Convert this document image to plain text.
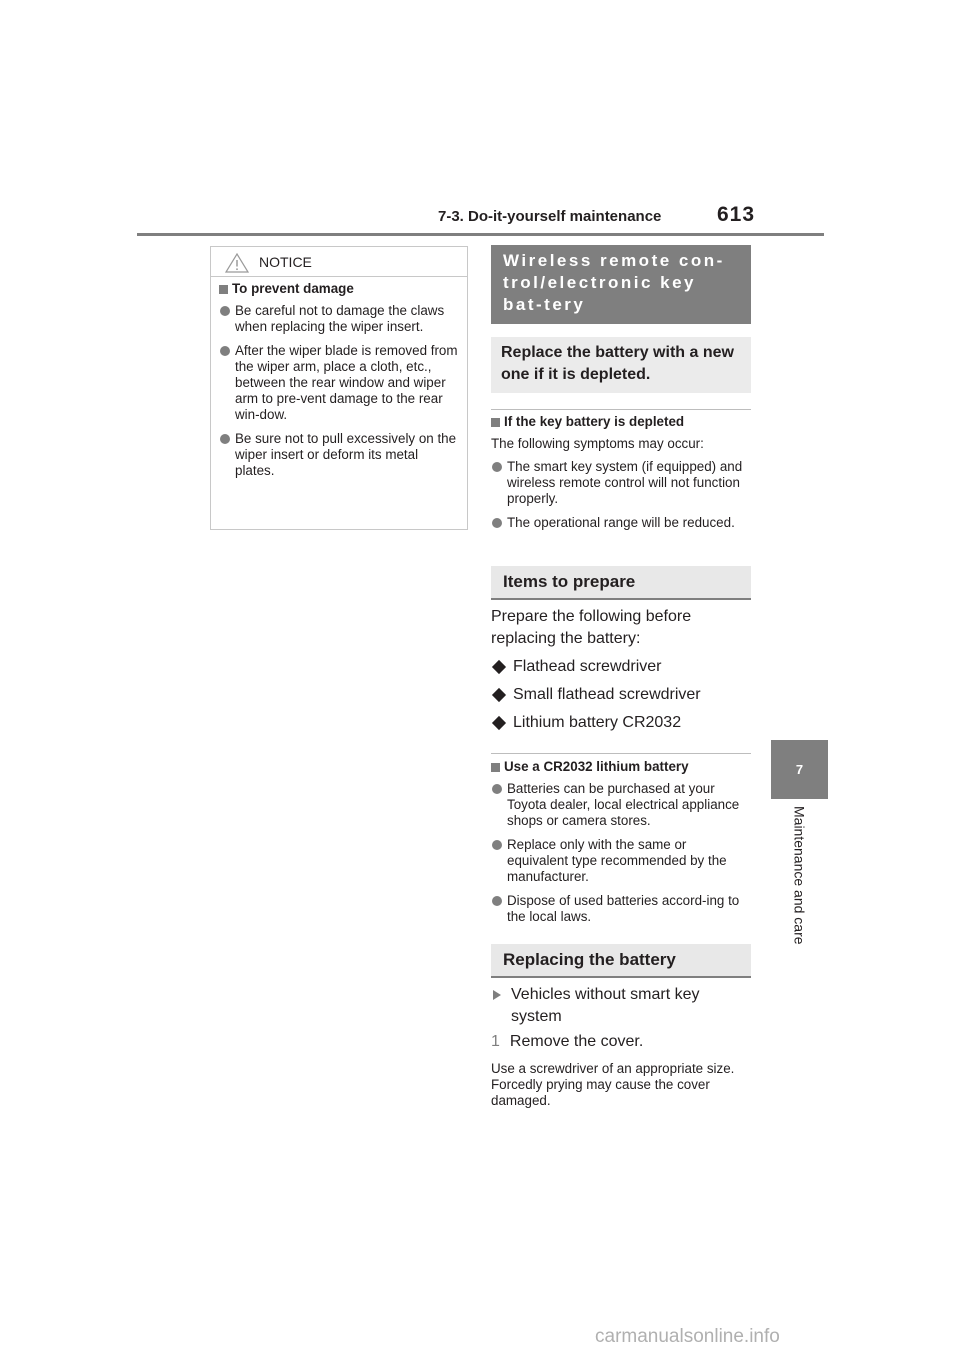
7-3. Do-it-yourself maintenance	613
7
Maintenance and care
NOTICE
To prevent damage
Be careful not to damage the claws when replacing the wiper insert.
After the wiper blade is removed from the wiper arm, place a cloth, etc., between the rear window and wiper arm to pre-vent damage to the rear win-dow.
Be sure not to pull excessively on the wiper insert or deform its metal plates.
Wireless remote con-trol/electronic key bat-tery
Replace the battery with a new one if it is depleted.
If the key battery is depleted
The following symptoms may occur:
The smart key system (if equipped) and wireless remote control will not function properly.
The operational range will be reduced.
Items to prepare
Prepare the following before replacing the battery:
Flathead screwdriver
Small flathead screwdriver
Lithium battery CR2032
Use a CR2032 lithium battery
Batteries can be purchased at your Toyota dealer, local electrical appliance shops or camera stores.
Replace only with the same or equivalent type recommended by the manufacturer.
Dispose of used batteries accord-ing to the local laws.
Replacing the battery
Vehicles without smart key system
1 Remove the cover.
Use a screwdriver of an appropriate size. Forcedly prying may cause the cover damaged.
carmanualsonline.info
